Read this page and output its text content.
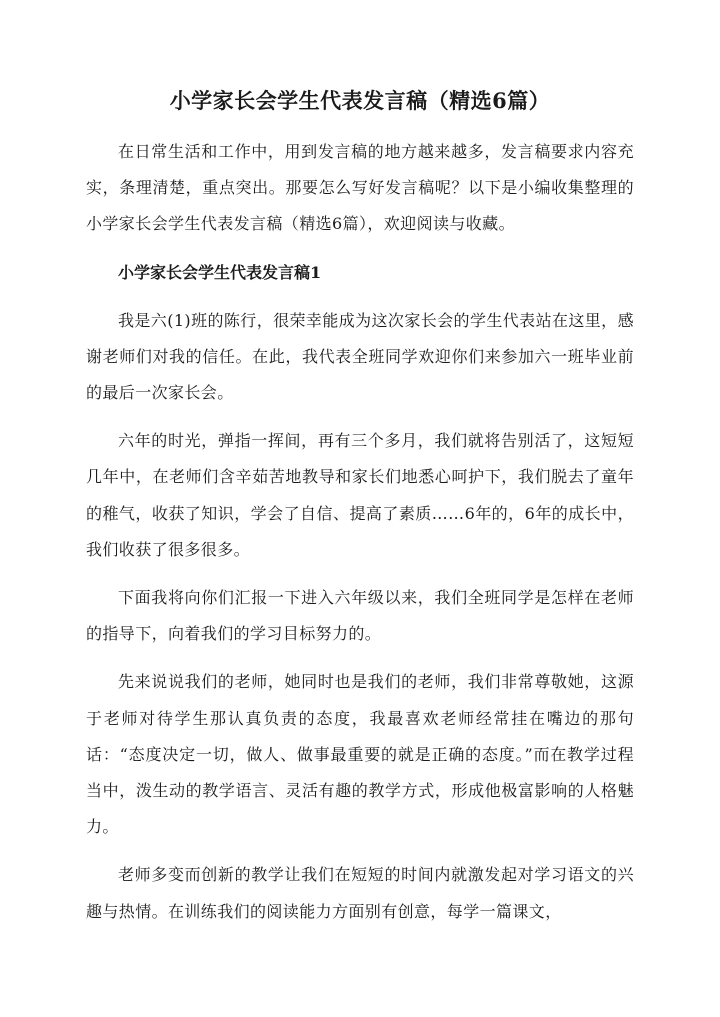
小学家长会学生代表发言稿（精选6篇）

在日常生活和工作中，用到发言稿的地方越来越多，发言稿要求内容充实，条理清楚，重点突出。那要怎么写好发言稿呢？以下是小编收集整理的小学家长会学生代表发言稿（精选6篇），欢迎阅读与收藏。

小学家长会学生代表发言稿1

我是六(1)班的陈行，很荣幸能成为这次家长会的学生代表站在这里，感谢老师们对我的信任。在此，我代表全班同学欢迎你们来参加六一班毕业前的最后一次家长会。

六年的时光，弹指一挥间，再有三个多月，我们就将告别活了，这短短几年中，在老师们含辛茹苦地教导和家长们地悉心呵护下，我们脱去了童年的稚气，收获了知识，学会了自信、提高了素质……6年的，6年的成长中，我们收获了很多很多。

下面我将向你们汇报一下进入六年级以来，我们全班同学是怎样在老师的指导下，向着我们的学习目标努力的。

先来说说我们的老师，她同时也是我们的老师，我们非常尊敬她，这源于老师对待学生那认真负责的态度，我最喜欢老师经常挂在嘴边的那句话：“态度决定一切，做人、做事最重要的就是正确的态度。”而在教学过程当中，泼生动的教学语言、灵活有趣的教学方式，形成他极富影响的人格魅力。

老师多变而创新的教学让我们在短短的时间内就激发起对学习语文的兴趣与热情。在训练我们的阅读能力方面别有创意，每学一篇课文，
